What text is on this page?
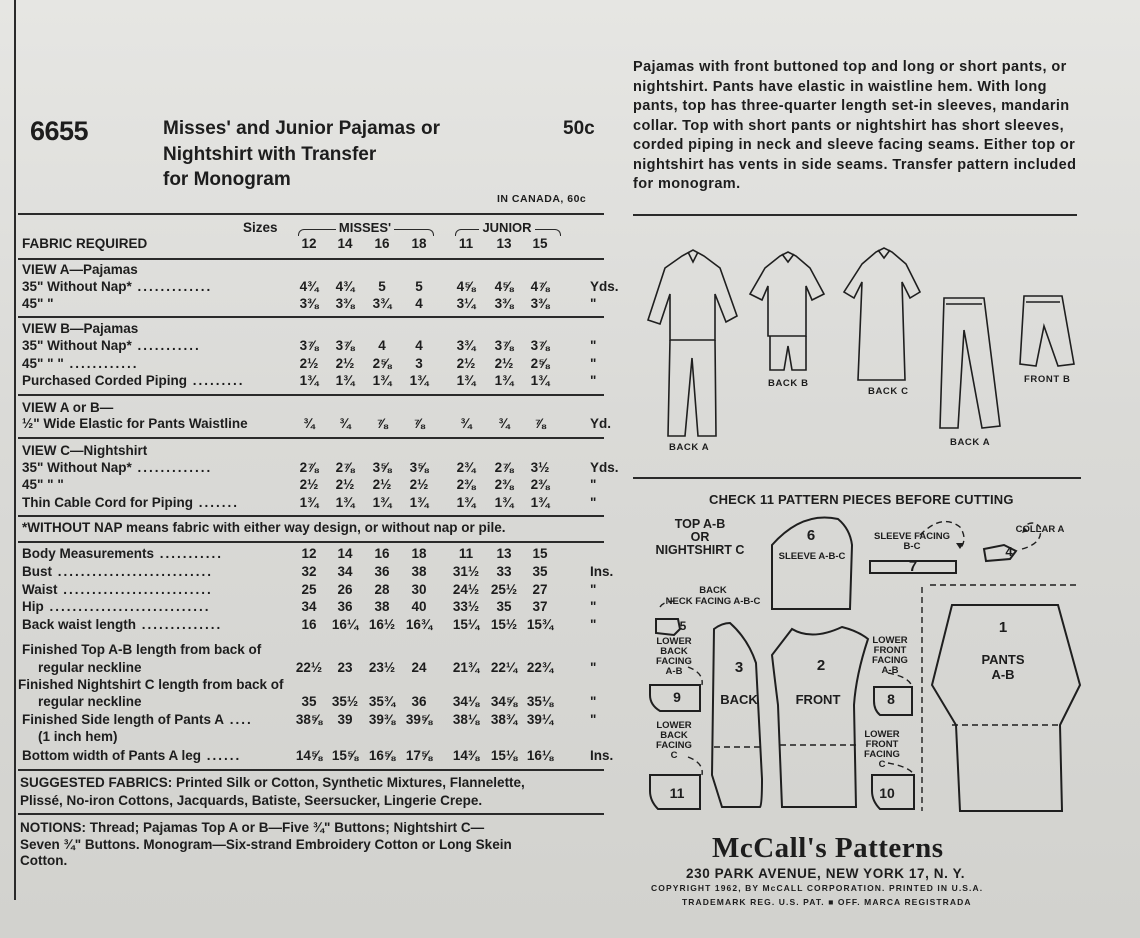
6655	Misses' and Junior Pajamas or
Nightshirt with Transfer
for Monogram
50c
IN CANADA, 60c
Sizes
FABRIC REQUIRED
MISSES'	JUNIOR
12	14	16	18	11	13	15
VIEW A—Pajamas
35" Without Nap* .............	4¾	4¾	5	5	4⅝	4⅝	4⅞	Yds.
45" "	3⅜	3⅜	3¾	4	3¼	3⅜	3⅜	"
VIEW B—Pajamas
35" Without Nap* ...........	3⅞	3⅞	4	4	3¾	3⅞	3⅞	"
45" " " ............	2½	2½	2⅝	3	2½	2½	2⅝	"
Purchased Corded Piping .........	1¾	1¾	1¾	1¾	1¾	1¾	1¾	"
VIEW A or B—
½" Wide Elastic for Pants Waistline	¾	¾	⅞	⅞	¾	¾	⅞	Yd.
VIEW C—Nightshirt
35" Without Nap* .............	2⅞	2⅞	3⅝	3⅝	2¾	2⅞	3½	Yds.
45" " "	2½	2½	2½	2½	2⅜	2⅜	2⅜	"
Thin Cable Cord for Piping .......	1¾	1¾	1¾	1¾	1¾	1¾	1¾	"
*WITHOUT NAP means fabric with either way design, or without nap or pile.
Body Measurements ...........	12	14	16	18	11	13	15
Bust ...........................	32	34	36	38	31½	33	35	Ins.
Waist ..........................	25	26	28	30	24½ 25½	27	"
Hip ............................	34	36	38	40	33½	35	37	"
Back waist length ..............	16	16¼ 16½ 16¾	15¼ 15½ 15¾	"
Finished Top A-B length from back of
22½	23	23½	24	21¾ 22¼ 22¾	"
regular neckline
Finished Nightshirt C length from back of
35	35½ 35¾	36	34⅛ 34⅝ 35⅛	"
regular neckline
Finished Side length of Pants A ....	38⅝	39	39⅜ 39⅝	38⅛ 38¾ 39¼	"
(1 inch hem)
Bottom width of Pants A leg ......	14⅝ 15⅝ 16⅝ 17⅝	14⅜ 15⅛ 16⅛	Ins.
SUGGESTED FABRICS: Printed Silk or Cotton, Synthetic Mixtures, Flannelette,
Plissé, No-iron Cottons, Jacquards, Batiste, Seersucker, Lingerie Crepe.
NOTIONS: Thread; Pajamas Top A or B—Five ¾" Buttons; Nightshirt C—
Seven ¾" Buttons. Monogram—Six-strand Embroidery Cotton or Long Skein
Cotton.
Pajamas with front buttoned top and long or short pants, or nightshirt. Pants have elastic in waistline hem. With long pants, top has three-quarter length set-in sleeves, mandarin collar. Top with short pants or nightshirt has short sleeves, corded piping in neck and sleeve facing seams. Either top or nightshirt has vents in side seams. Transfer pattern included for monogram.
BACK A
BACK B
BACK C
BACK A
FRONT B
CHECK 11 PATTERN PIECES BEFORE CUTTING
TOP A-B
OR
NIGHTSHIRT C
6
SLEEVE A-B-C
SLEEVE FACING
B-C
7
COLLAR A
4
BACK
NECK FACING A-B-C
5
LOWER
BACK
FACING
A-B
9
3
BACK
2
FRONT
LOWER
FRONT
FACING
A-B
8
LOWER
BACK
FACING
C
11
LOWER
FRONT
FACING
C
10
1
PANTS
A-B
McCall's Patterns
230 PARK AVENUE, NEW YORK 17, N. Y.
COPYRIGHT 1962, BY McCALL CORPORATION. PRINTED IN U.S.A.
TRADEMARK REG. U.S. PAT. ■ OFF. MARCA REGISTRADA
